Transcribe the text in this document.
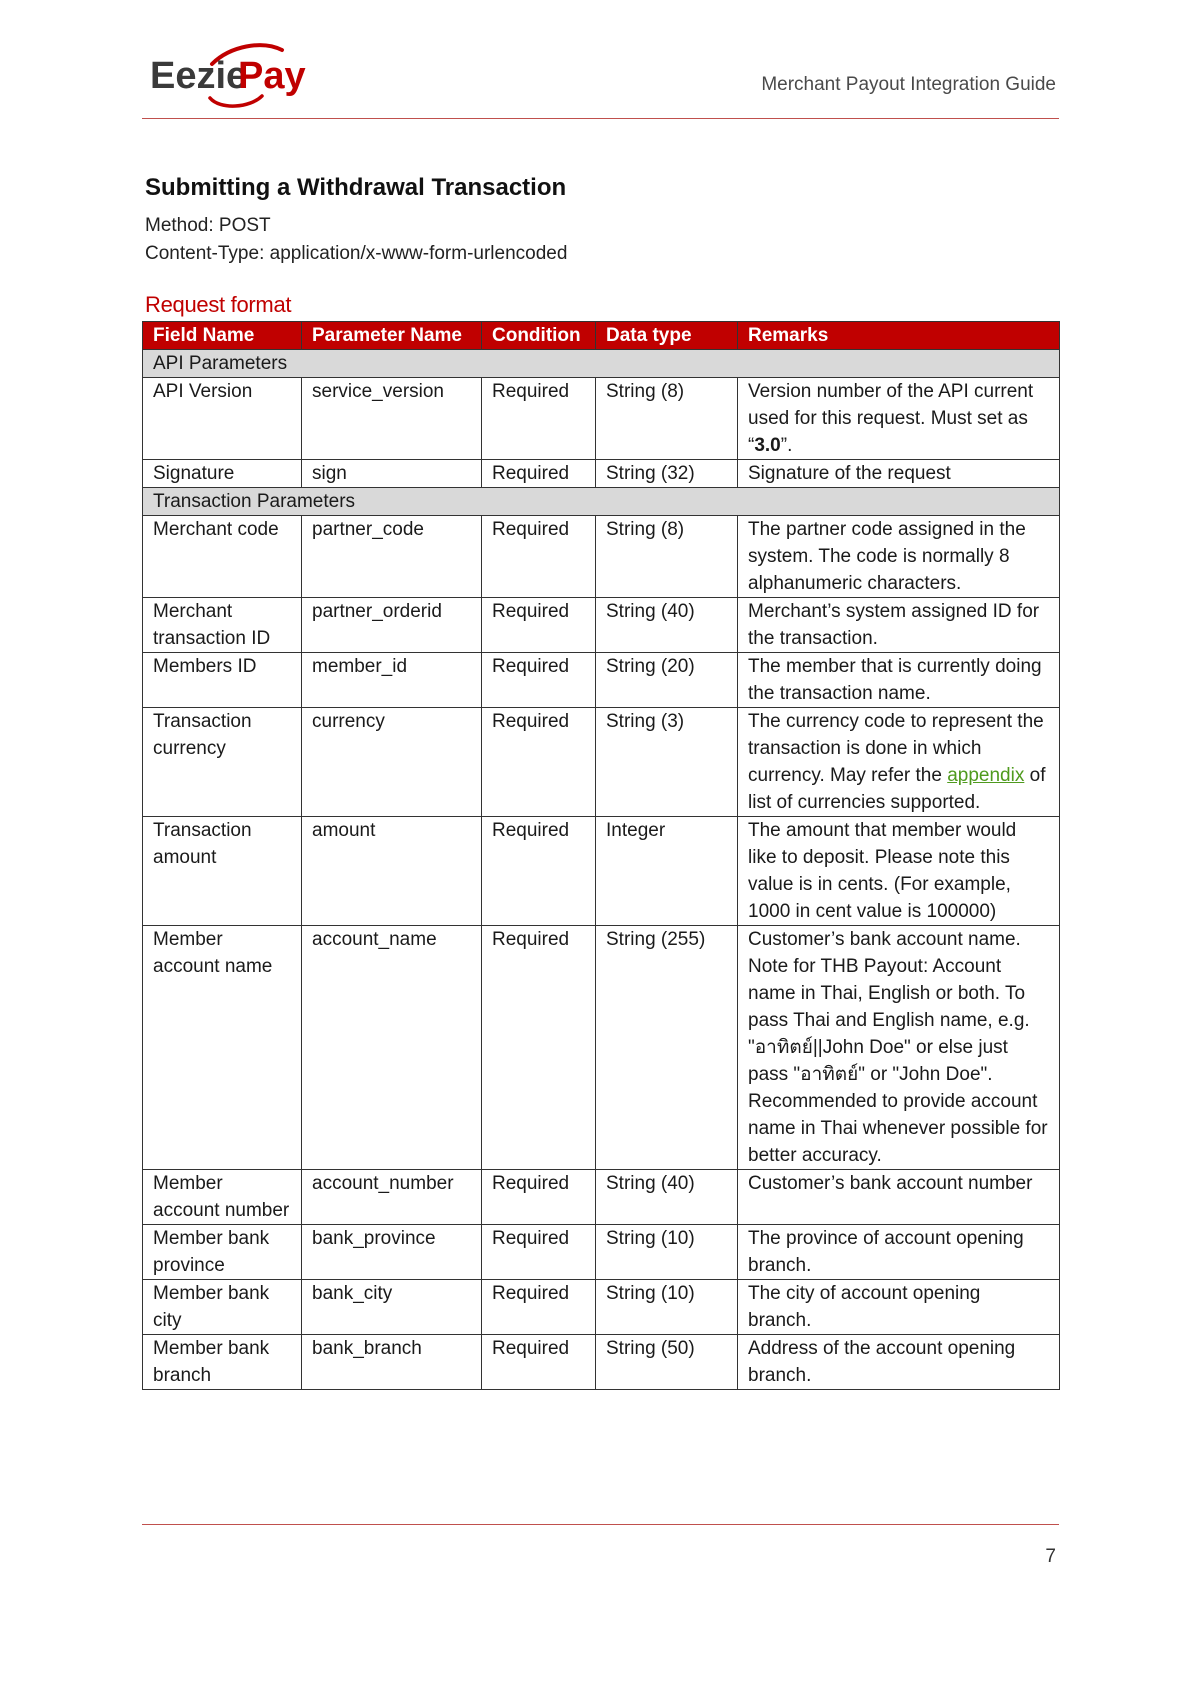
Eezie
Pay	Merchant Payout Integration Guide
Submitting a Withdrawal Transaction
Method: POST
Content-Type: application/x-www-form-urlencoded
Request format
Field Name	Parameter Name	Condition	Data type	Remarks
API Parameters				
API Version	service_version	Required	String (8)	Version number of the API current used for this request. Must set as “3.0”.
Signature	sign	Required	String (32)	Signature of the request
Transaction Parameters				
Merchant code	partner_code	Required	String (8)	The partner code assigned in the system. The code is normally 8 alphanumeric characters.
Merchant transaction ID	partner_orderid	Required	String (40)	Merchant’s system assigned ID for the transaction.
Members ID	member_id	Required	String (20)	The member that is currently doing the transaction name.
Transaction currency	currency	Required	String (3)	The currency code to represent the transaction is done in which currency. May refer the appendix of list of currencies supported.
Transaction amount	amount	Required	Integer	The amount that member would like to deposit. Please note this value is in cents. (For example, 1000 in cent value is 100000)
Member account name	account_name	Required	String (255)	Customer’s bank account name. Note for THB Payout: Account name in Thai, English or both. To pass Thai and English name, e.g. "อาทิตย์||John Doe" or else just pass "อาทิตย์" or "John Doe". Recommended to provide account name in Thai whenever possible for better accuracy.
Member account number	account_number	Required	String (40)	Customer’s bank account number
Member bank province	bank_province	Required	String (10)	The province of account opening branch.
Member bank city	bank_city	Required	String (10)	The city of account opening branch.
Member bank branch	bank_branch	Required	String (50)	Address of the account opening branch.
7
